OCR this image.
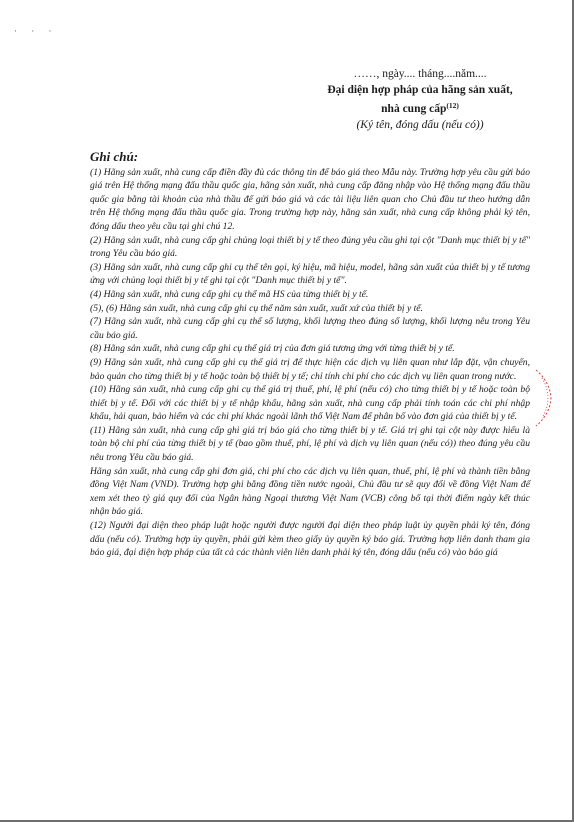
· · ·
……, ngày.... tháng....năm....
Đại diện hợp pháp của hãng sản xuất,
nhà cung cấp$^{(12)}$
(Ký tên, đóng dấu (nếu có))
Ghi chú:

(1) Hãng sản xuất, nhà cung cấp điền đầy đủ các thông tin để báo giá theo Mẫu này. Trường hợp yêu cầu gửi báo giá trên Hệ thống mạng đấu thầu quốc gia, hãng sản xuất, nhà cung cấp đăng nhập vào Hệ thống mạng đấu thầu quốc gia bằng tài khoản của nhà thầu để gửi báo giá và các tài liệu liên quan cho Chủ đầu tư theo hướng dẫn trên Hệ thống mạng đấu thầu quốc gia. Trong trường hợp này, hãng sản xuất, nhà cung cấp không phải ký tên, đóng dấu theo yêu cầu tại ghi chú 12.

(2) Hãng sản xuất, nhà cung cấp ghi chủng loại thiết bị y tế theo đúng yêu cầu ghi tại cột "Danh mục thiết bị y tế" trong Yêu cầu báo giá.

(3) Hãng sản xuất, nhà cung cấp ghi cụ thể tên gọi, ký hiệu, mã hiệu, model, hãng sản xuất của thiết bị y tế tương ứng với chủng loại thiết bị y tế ghi tại cột "Danh mục thiết bị y tế".

(4) Hãng sản xuất, nhà cung cấp ghi cụ thể mã HS của từng thiết bị y tế.

(5), (6) Hãng sản xuất, nhà cung cấp ghi cụ thể năm sản xuất, xuất xứ của thiết bị y tế.

(7) Hãng sản xuất, nhà cung cấp ghi cụ thể số lượng, khối lượng theo đúng số lượng, khối lượng nêu trong Yêu cầu báo giá.

(8) Hãng sản xuất, nhà cung cấp ghi cụ thể giá trị của đơn giá tương ứng với từng thiết bị y tế.

(9) Hãng sản xuất, nhà cung cấp ghi cụ thể giá trị để thực hiện các dịch vụ liên quan như lắp đặt, vận chuyển, bảo quản cho từng thiết bị y tế hoặc toàn bộ thiết bị y tế; chỉ tính chi phí cho các dịch vụ liên quan trong nước.

(10) Hãng sản xuất, nhà cung cấp ghi cụ thể giá trị thuế, phí, lệ phí (nếu có) cho từng thiết bị y tế hoặc toàn bộ thiết bị y tế. Đối với các thiết bị y tế nhập khẩu, hãng sản xuất, nhà cung cấp phải tính toán các chi phí nhập khẩu, hải quan, bảo hiểm và các chi phí khác ngoài lãnh thổ Việt Nam để phân bổ vào đơn giá của thiết bị y tế.

(11) Hãng sản xuất, nhà cung cấp ghi giá trị báo giá cho từng thiết bị y tế. Giá trị ghi tại cột này được hiểu là toàn bộ chi phí của từng thiết bị y tế (bao gồm thuế, phí, lệ phí và dịch vụ liên quan (nếu có)) theo đúng yêu cầu nêu trong Yêu cầu báo giá.

Hãng sản xuất, nhà cung cấp ghi đơn giá, chi phí cho các dịch vụ liên quan, thuế, phí, lệ phí và thành tiền bằng đồng Việt Nam (VND). Trường hợp ghi bằng đồng tiền nước ngoài, Chủ đầu tư sẽ quy đổi về đồng Việt Nam để xem xét theo tỷ giá quy đổi của Ngân hàng Ngoại thương Việt Nam (VCB) công bố tại thời điểm ngày kết thúc nhận báo giá.

(12) Người đại diện theo pháp luật hoặc người được người đại diện theo pháp luật ủy quyền phải ký tên, đóng dấu (nếu có). Trường hợp ủy quyền, phải gửi kèm theo giấy ủy quyền ký báo giá. Trường hợp liên danh tham gia báo giá, đại diện hợp pháp của tất cả các thành viên liên danh phải ký tên, đóng dấu (nếu có) vào báo giá
